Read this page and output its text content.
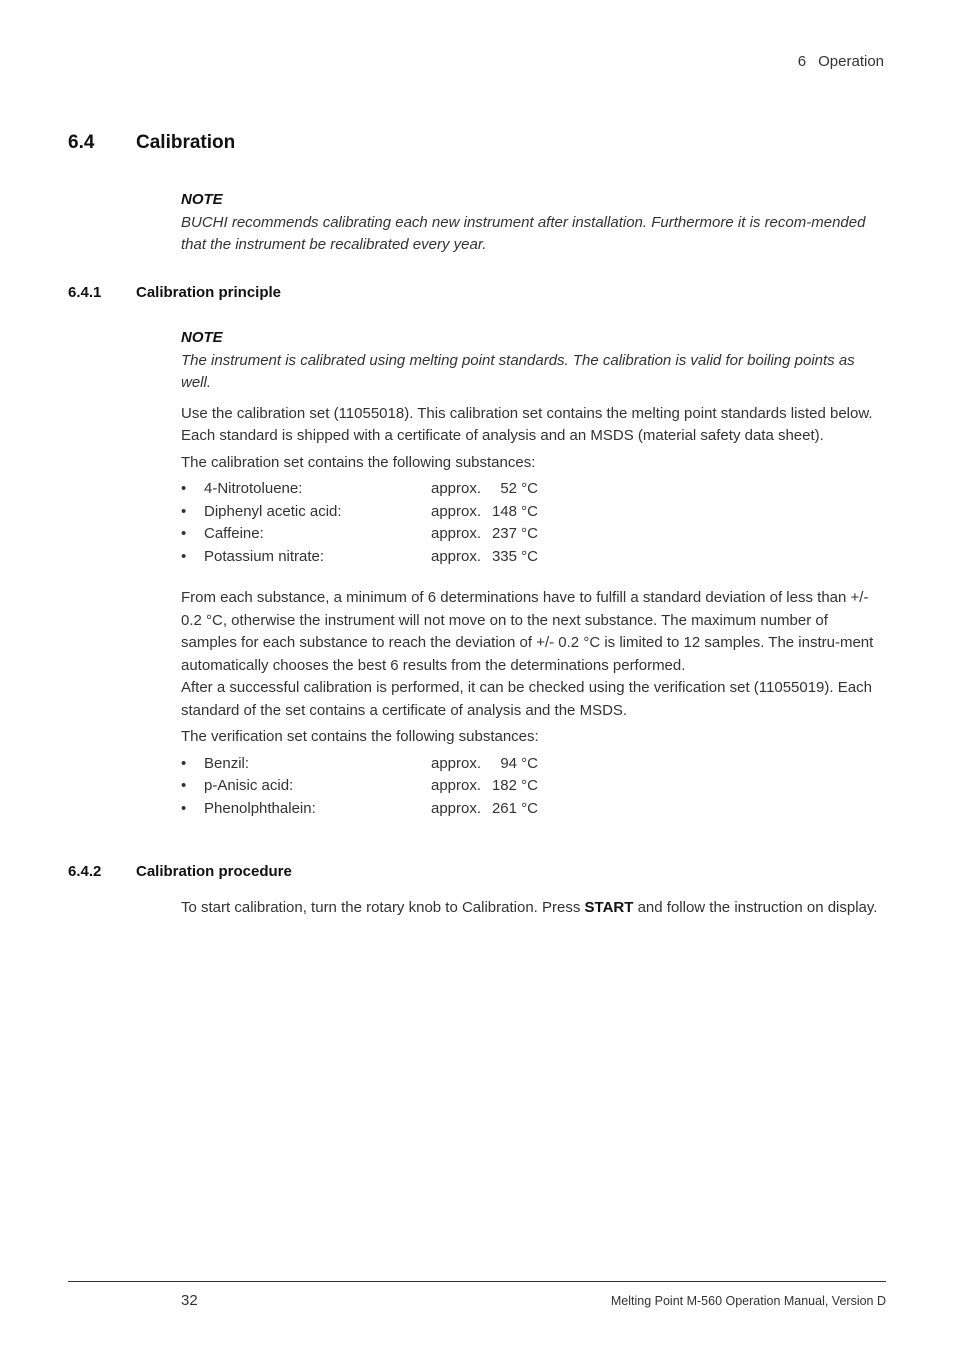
6 Operation
6.4 Calibration
NOTE

BUCHI recommends calibrating each new instrument after installation. Furthermore it is recom-mended that the instrument be recalibrated every year.

6.4.1 Calibration principle
NOTE

The instrument is calibrated using melting point standards. The calibration is valid for boiling points as well.

Use the calibration set (11055018). This calibration set contains the melting point standards listed below. Each standard is shipped with a certificate of analysis and an MSDS (material safety data sheet).

The calibration set contains the following substances:

• 4-Nitrotoluene:	approx.	52 °C
• Diphenyl acetic acid:	approx. 148 °C
• Caffeine:	approx. 237 °C
• Potassium nitrate:	approx. 335 °C

From each substance, a minimum of 6 determinations have to fulfill a standard deviation of less than +/- 0.2 °C, otherwise the instrument will not move on to the next substance. The maximum number of samples for each substance to reach the deviation of +/- 0.2 °C is limited to 12 samples. The instru-ment automatically chooses the best 6 results from the determinations performed.

After a successful calibration is performed, it can be checked using the verification set (11055019). Each standard of the set contains a certificate of analysis and the MSDS.

The verification set contains the following substances:

• Benzil:	approx.	94 °C
• p-Anisic acid:	approx. 182 °C
• Phenolphthalein:	approx. 261 °C
6.4.2 Calibration procedure

To start calibration, turn the rotary knob to Calibration. Press START and follow the instruction on display.

32	Melting Point M-560 Operation Manual, Version D
